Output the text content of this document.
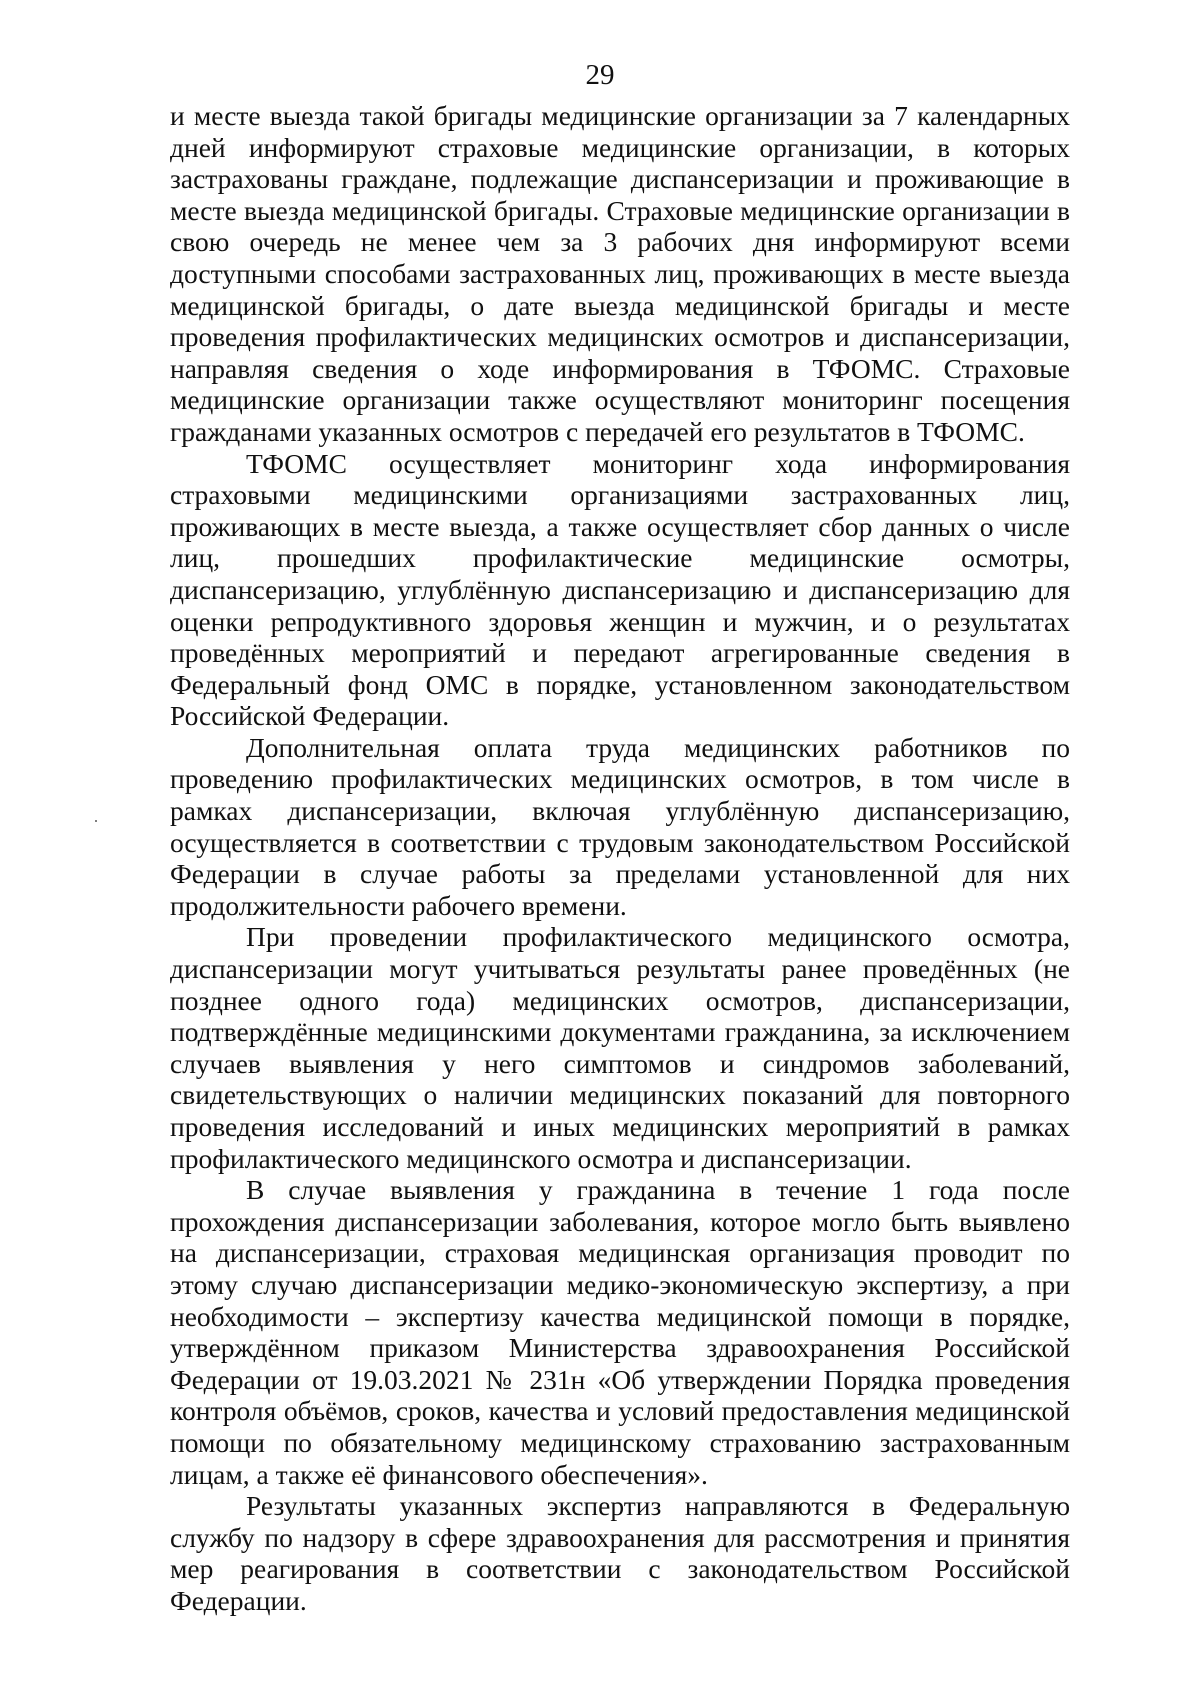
29

и месте выезда такой бригады медицинские организации за 7 календарных дней информируют страховые медицинские организации, в которых застрахованы граждане, подлежащие диспансеризации и проживающие в месте выезда медицинской бригады. Страховые медицинские организации в свою очередь не менее чем за 3 рабочих дня информируют всеми доступными способами застрахованных лиц, проживающих в месте выезда медицинской бригады, о дате выезда медицинской бригады и месте проведения профилактических медицинских осмотров и диспансеризации, направляя сведения о ходе информирования в ТФОМС. Страховые медицинские организации также осуществляют мониторинг посещения гражданами указанных осмотров с передачей его результатов в ТФОМС.

ТФОМС осуществляет мониторинг хода информирования страховыми медицинскими организациями застрахованных лиц, проживающих в месте выезда, а также осуществляет сбор данных о числе лиц, прошедших профилактические медицинские осмотры, диспансеризацию, углублённую диспансеризацию и диспансеризацию для оценки репродуктивного здоровья женщин и мужчин, и о результатах проведённых мероприятий и передают агрегированные сведения в Федеральный фонд ОМС в порядке, установленном законодательством Российской Федерации.

Дополнительная оплата труда медицинских работников по проведению профилактических медицинских осмотров, в том числе в рамках диспансеризации, включая углублённую диспансеризацию, осуществляется в соответствии с трудовым законодательством Российской Федерации в случае работы за пределами установленной для них продолжительности рабочего времени.

При проведении профилактического медицинского осмотра, диспансеризации могут учитываться результаты ранее проведённых (не позднее одного года) медицинских осмотров, диспансеризации, подтверждённые медицинскими документами гражданина, за исключением случаев выявления у него симптомов и синдромов заболеваний, свидетельствующих о наличии медицинских показаний для повторного проведения исследований и иных медицинских мероприятий в рамках профилактического медицинского осмотра и диспансеризации.

В случае выявления у гражданина в течение 1 года после прохождения диспансеризации заболевания, которое могло быть выявлено на диспансеризации, страховая медицинская организация проводит по этому случаю диспансеризации медико-экономическую экспертизу, а при необходимости – экспертизу качества медицинской помощи в порядке, утверждённом приказом Министерства здравоохранения Российской Федерации от 19.03.2021 № 231н «Об утверждении Порядка проведения контроля объёмов, сроков, качества и условий предоставления медицинской помощи по обязательному медицинскому страхованию застрахованным лицам, а также её финансового обеспечения».

Результаты указанных экспертиз направляются в Федеральную службу по надзору в сфере здравоохранения для рассмотрения и принятия мер реагирования в соответствии с законодательством Российской Федерации.
